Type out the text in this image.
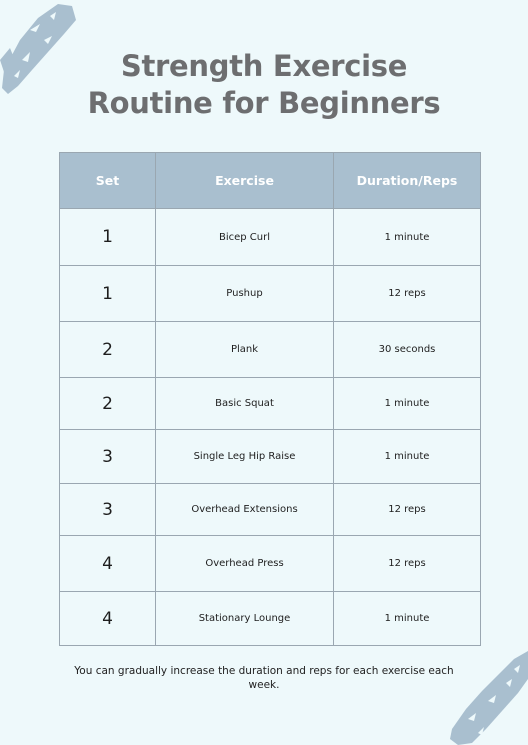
Strength Exercise
Routine for Beginners
Set	Exercise	Duration/Reps
1	Bicep Curl	1 minute
1	Pushup	12 reps
2	Plank	30 seconds
2	Basic Squat	1 minute
3	Single Leg Hip Raise	1 minute
3	Overhead Extensions	12 reps
4	Overhead Press	12 reps
4	Stationary Lounge	1 minute
You can gradually increase the duration and reps for each exercise each week.
